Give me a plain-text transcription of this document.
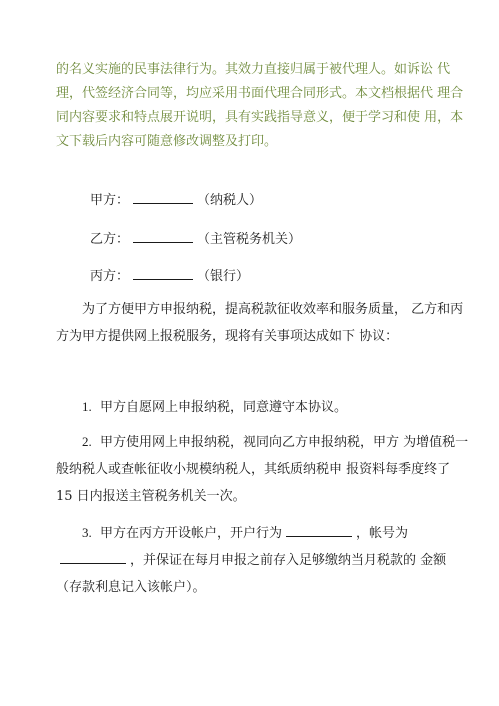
的名义实施的民事法律行为。其效力直接归属于被代理人。如诉讼 代理，代签经济合同等，均应采用书面代理合同形式。本文档根据代 理合同内容要求和特点展开说明，具有实践指导意义，便于学习和使 用，本文下载后内容可随意修改调整及打印。

甲方：	（纳税人）

乙方：	（主管税务机关）

丙方：	（银行）

为了方便甲方申报纳税，提高税款征收效率和服务质量， 乙方和丙方为甲方提供网上报税服务，现将有关事项达成如下 协议：

1. 甲方自愿网上申报纳税，同意遵守本协议。

2. 甲方使用网上申报纳税，视同向乙方申报纳税，甲方 为增值税一般纳税人或查帐征收小规模纳税人，其纸质纳税申 报资料每季度终了 15 日内报送主管税务机关一次。

3. 甲方在丙方开设帐户，开户行为	，帐号为，并保证在每月申报之前存入足够缴纳当月税款的 金额（存款利息记入该帐户）。
